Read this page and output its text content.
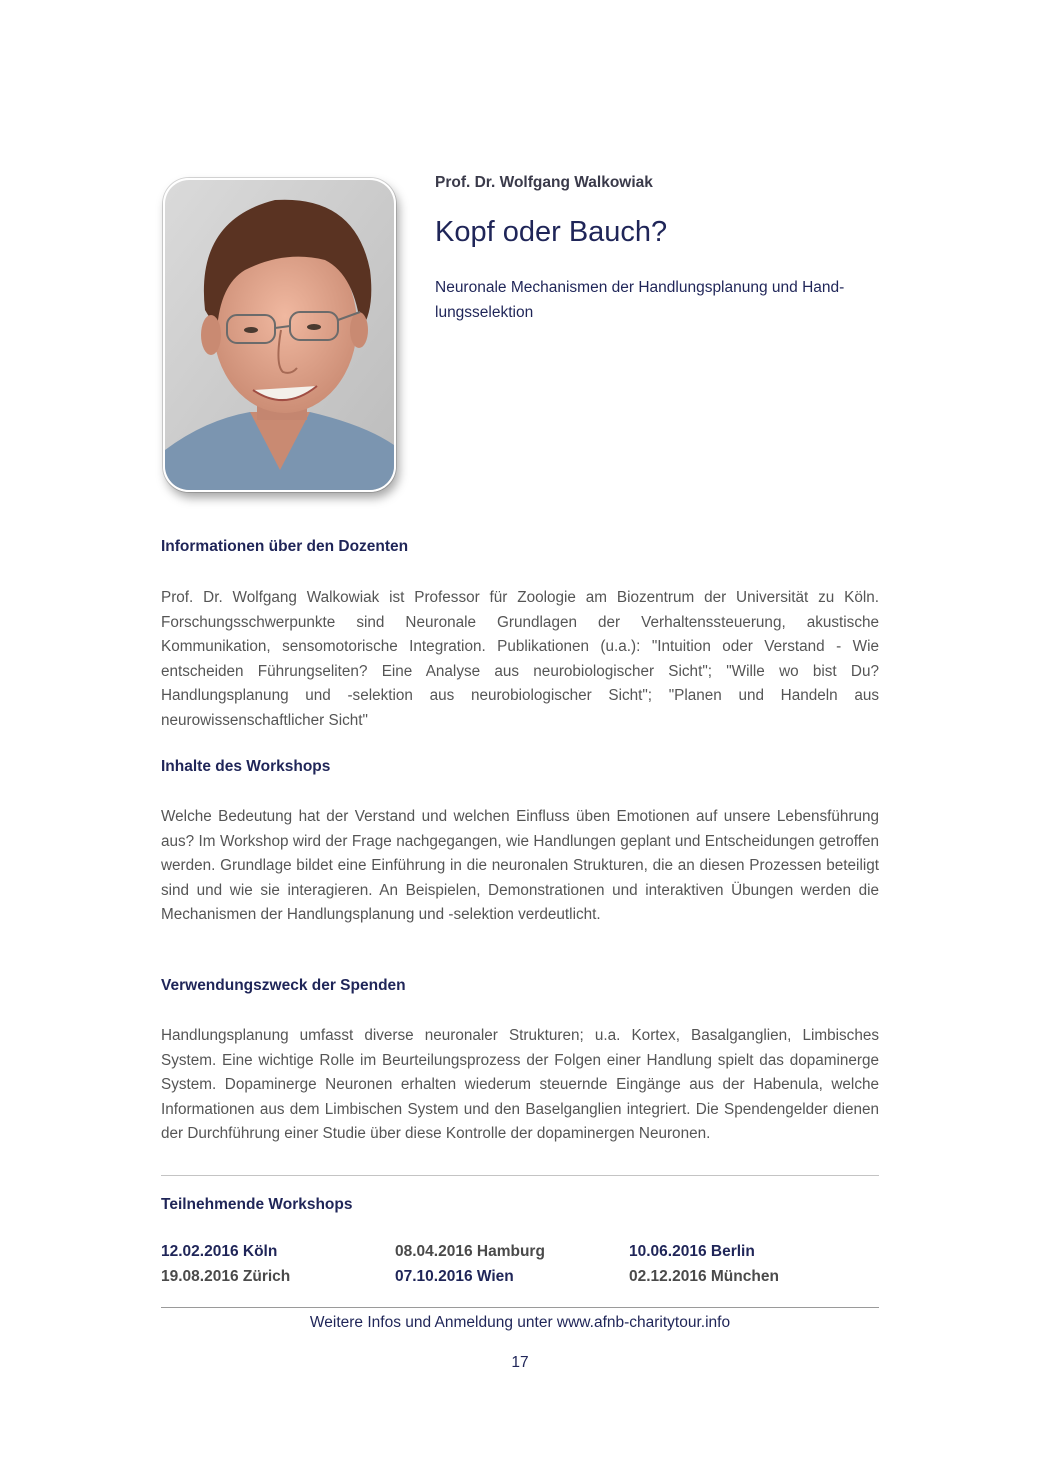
Prof. Dr. Wolfgang Walkowiak
Kopf oder Bauch?
Neuronale Mechanismen der Handlungsplanung und Hand-lungsselektion
Informationen über den Dozenten

Prof. Dr. Wolfgang Walkowiak ist Professor für Zoologie am Biozentrum der Universität zu Köln. Forschungsschwerpunkte sind Neuronale Grundlagen der Verhaltenssteuerung, akustische Kommunikation, sensomotorische Integration. Publikationen (u.a.): "Intuition oder Verstand - Wie entscheiden Führungseliten? Eine Analyse aus neurobiologischer Sicht"; "Wille wo bist Du? Handlungsplanung und -selektion aus neurobiologischer Sicht"; "Planen und Handeln aus neurowissenschaftlicher Sicht"

Inhalte des Workshops

Welche Bedeutung hat der Verstand und welchen Einfluss üben Emotionen auf unsere Lebensführung aus? Im Workshop wird der Frage nachgegangen, wie Handlungen geplant und Entscheidungen getroffen werden. Grundlage bildet eine Einführung in die neuronalen Strukturen, die an diesen Prozessen beteiligt sind und wie sie interagieren. An Beispielen, Demonstrationen und interaktiven Übungen werden die Mechanismen der Handlungsplanung und -selektion verdeutlicht.

Verwendungszweck der Spenden

Handlungsplanung umfasst diverse neuronaler Strukturen; u.a. Kortex, Basalganglien, Limbisches System. Eine wichtige Rolle im Beurteilungsprozess der Folgen einer Handlung spielt das dopaminerge System. Dopaminerge Neuronen erhalten wiederum steuernde Eingänge aus der Habenula, welche Informationen aus dem Limbischen System und den Baselganglien integriert. Die Spendengelder dienen der Durchführung einer Studie über diese Kontrolle der dopaminergen Neuronen.

Teilnehmende Workshops
12.02.2016 Köln	08.04.2016 Hamburg	10.06.2016 Berlin
19.08.2016 Zürich	07.10.2016 Wien	02.12.2016 München
Weitere Infos und Anmeldung unter www.afnb-charitytour.info
17
